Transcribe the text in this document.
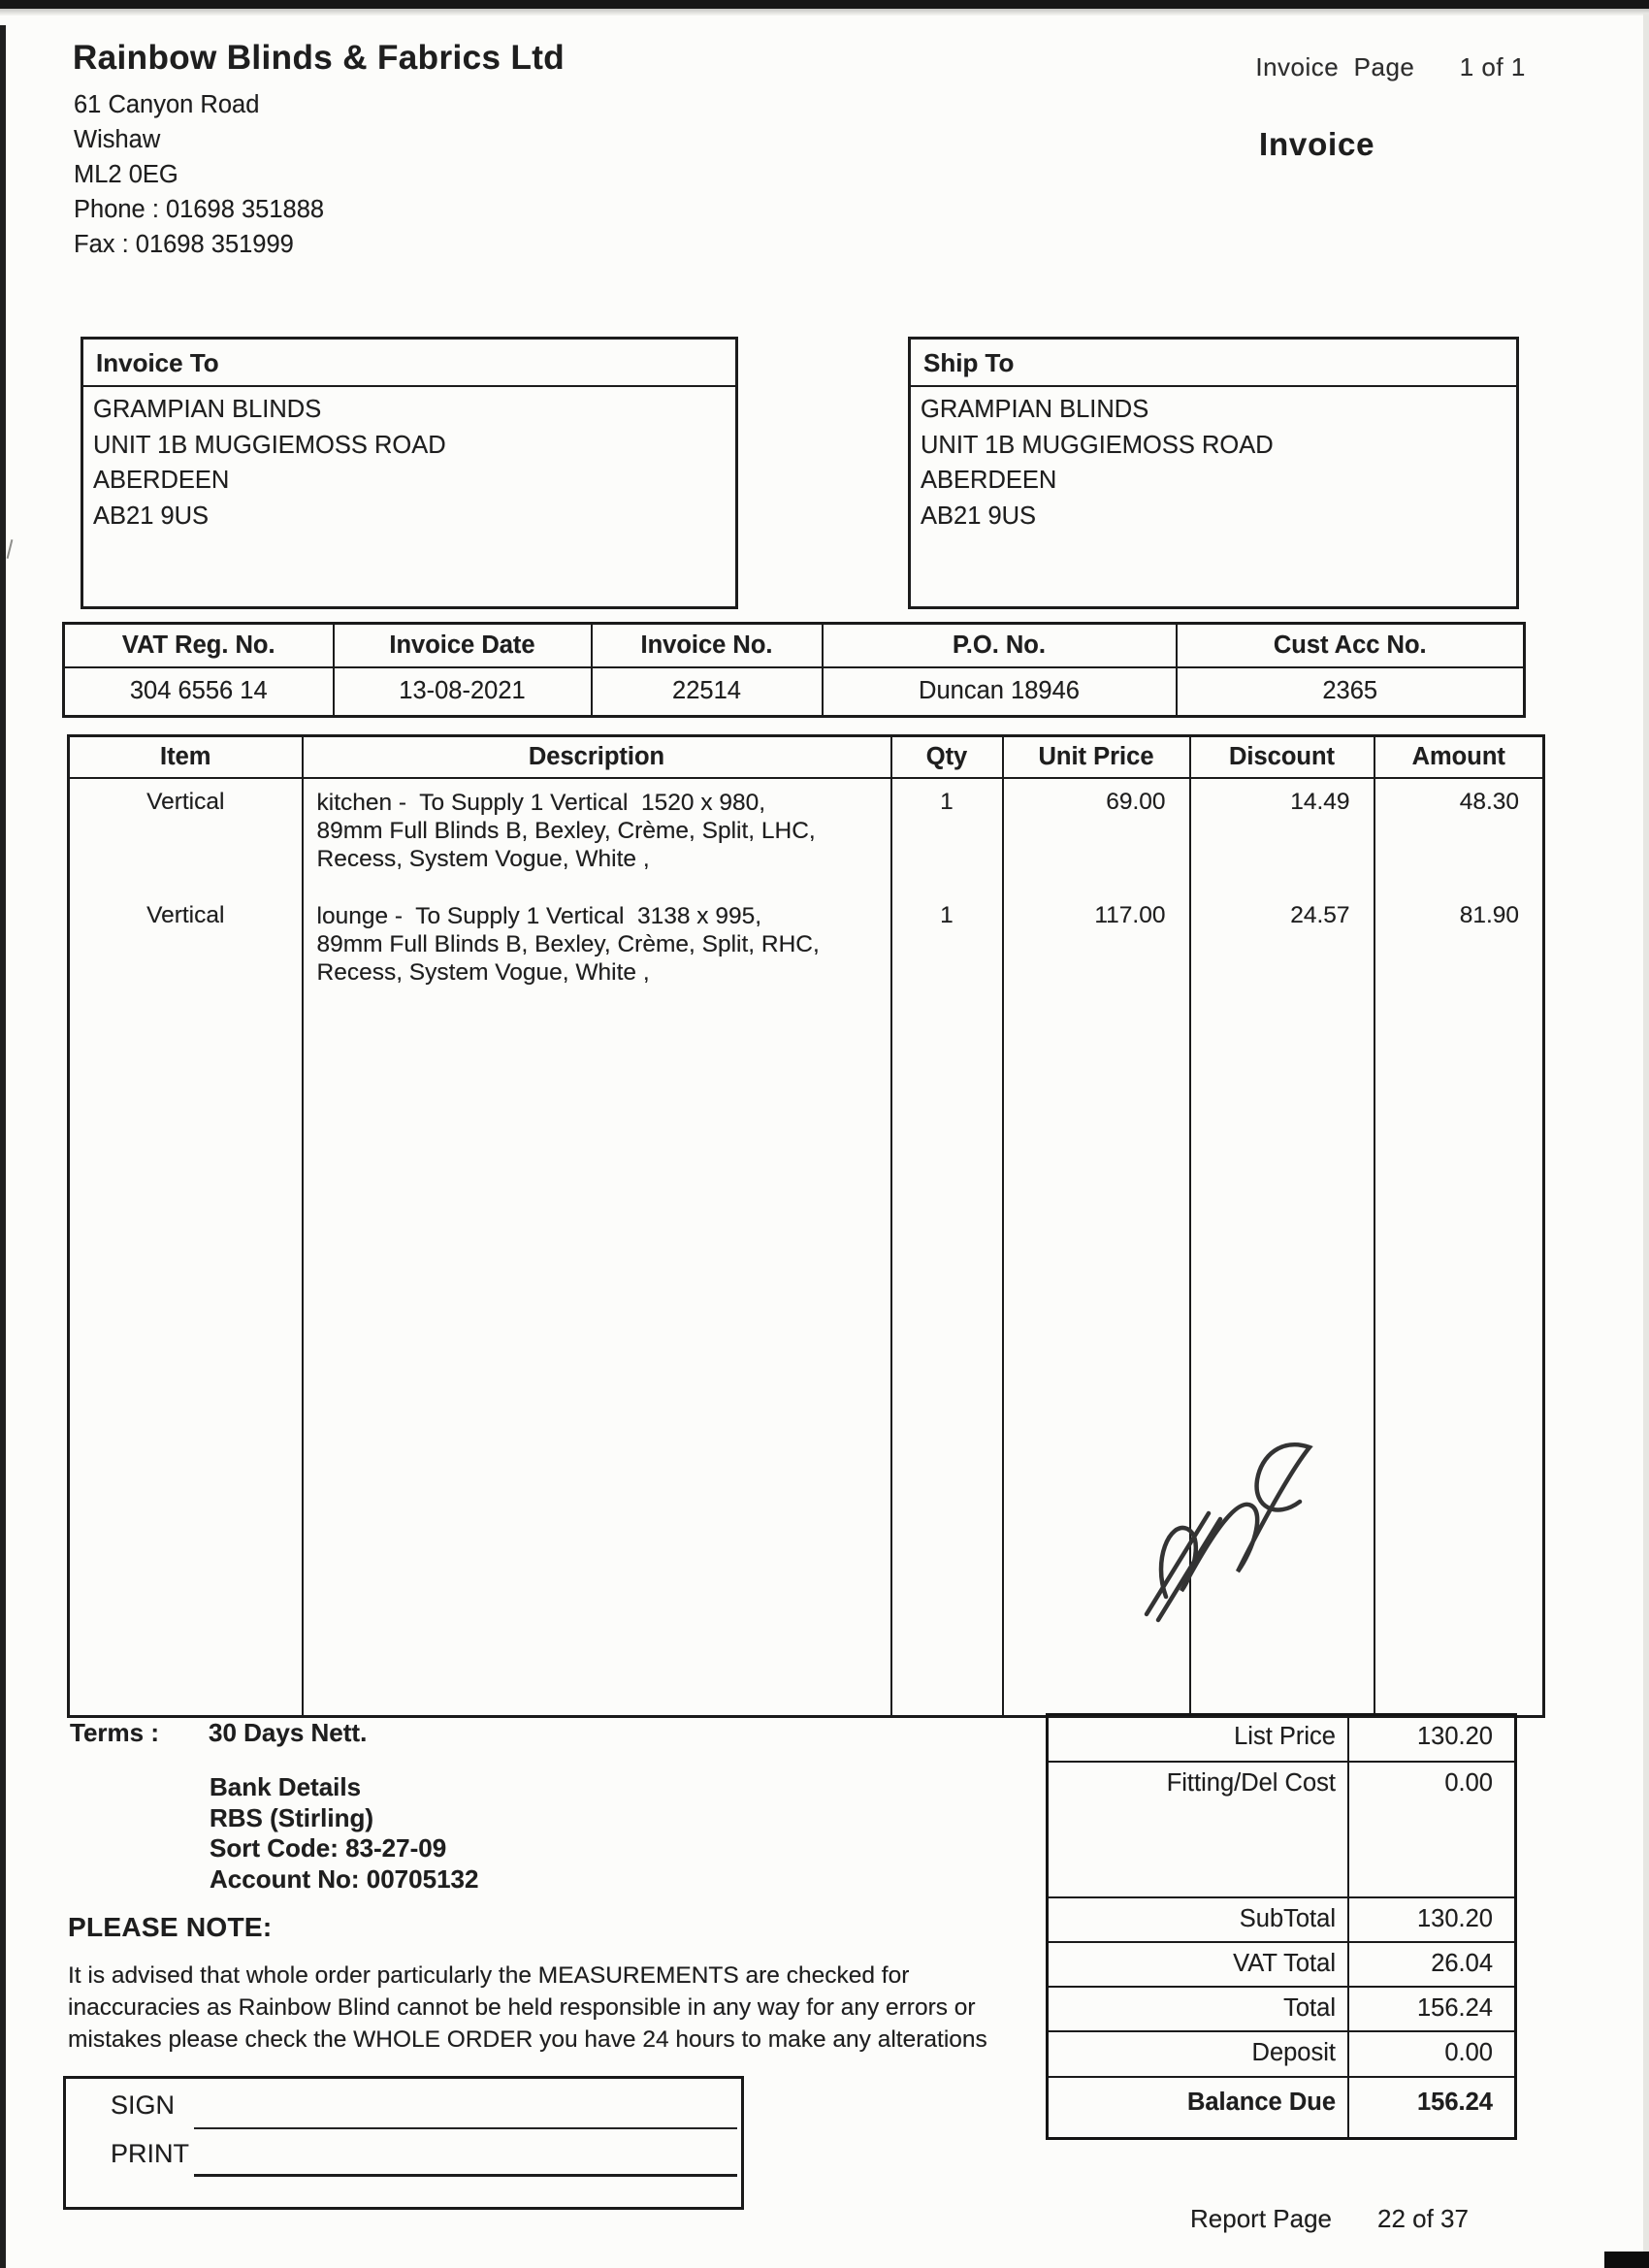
Invoice  Page 1 of 1

Rainbow Blinds & Fabrics Ltd
61 Canyon Road
Wishaw
ML2 0EG
Phone : 01698 351888
Fax : 01698 351999
Invoice
Invoice To
GRAMPIAN BLINDS
UNIT 1B MUGGIEMOSS ROAD
ABERDEEN
AB21 9US
Ship To
GRAMPIAN BLINDS
UNIT 1B MUGGIEMOSS ROAD
ABERDEEN
AB21 9US
VAT Reg. No.	Invoice Date	Invoice No.	P.O. No.	Cust Acc No.
304 6556 14	13-08-2021	22514	Duncan 18946	2365
Item	Description	Qty	Unit Price	Discount	Amount
Vertical	kitchen -  To Supply 1 Vertical  1520 x 980,
89mm Full Blinds B, Bexley, Crème, Split, LHC,
Recess, System Vogue, White ,	1	69.00	14.49	48.30
Vertical	lounge -  To Supply 1 Vertical  3138 x 995,
89mm Full Blinds B, Bexley, Crème, Split, RHC,
Recess, System Vogue, White ,	1	117.00	24.57	81.90

List Price	130.20
Fitting/Del Cost	0.00
SubTotal	130.20
VAT Total	26.04
Total	156.24
Deposit	0.00
Balance Due	156.24
Terms : 30 Days Nett.
Bank Details
RBS (Stirling)
Sort Code: 83-27-09
Account No: 00705132
PLEASE NOTE:
It is advised that whole order particularly the MEASUREMENTS are checked for
inaccuracies as Rainbow Blind cannot be held responsible in any way for any errors or
mistakes please check the WHOLE ORDER you have 24 hours to make any alterations
SIGN
PRINT
Report Page 22 of 37
